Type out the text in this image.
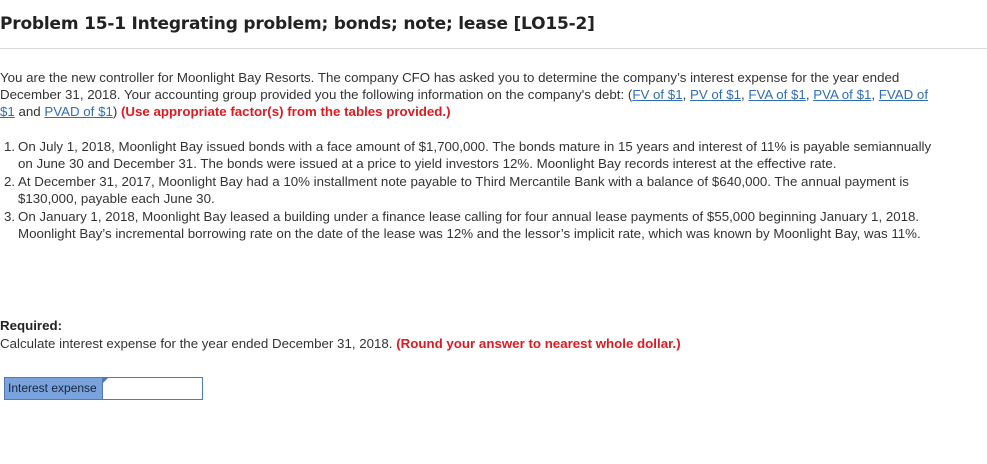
Problem 15-1 Integrating problem; bonds; note; lease [LO15-2]
You are the new controller for Moonlight Bay Resorts. The company CFO has asked you to determine the company’s interest expense for the year ended December 31, 2018. Your accounting group provided you the following information on the company's debt: (FV of $1, PV of $1, FVA of $1, PVA of $1, FVAD of $1 and PVAD of $1) (Use appropriate factor(s) from the tables provided.)
1. On July 1, 2018, Moonlight Bay issued bonds with a face amount of $1,700,000. The bonds mature in 15 years and interest of 11% is payable semiannually on June 30 and December 31. The bonds were issued at a price to yield investors 12%. Moonlight Bay records interest at the effective rate.
2. At December 31, 2017, Moonlight Bay had a 10% installment note payable to Third Mercantile Bank with a balance of $640,000. The annual payment is $130,000, payable each June 30.
3. On January 1, 2018, Moonlight Bay leased a building under a finance lease calling for four annual lease payments of $55,000 beginning January 1, 2018. Moonlight Bay’s incremental borrowing rate on the date of the lease was 12% and the lessor’s implicit rate, which was known by Moonlight Bay, was 11%.
Required:
Calculate interest expense for the year ended December 31, 2018. (Round your answer to nearest whole dollar.)
Interest expense
